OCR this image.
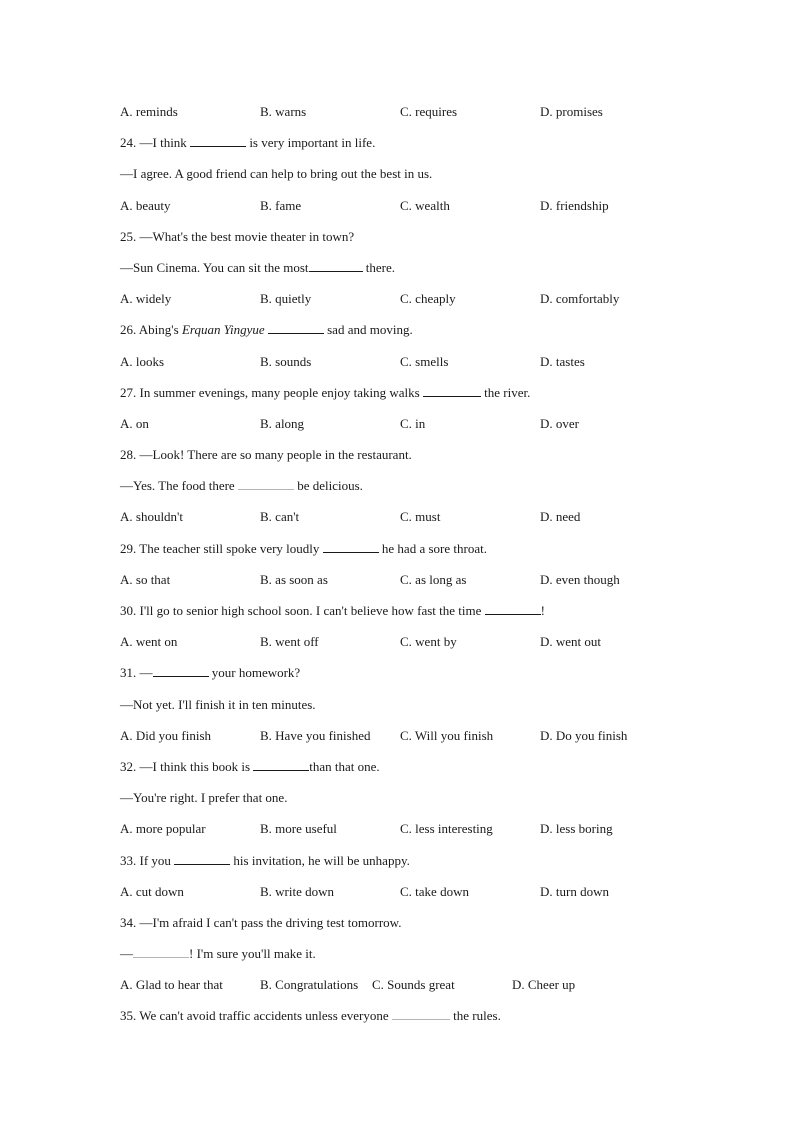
A. reminds	B. warns	C. requires	D. promises
24. —I think	is very important in life.
—I agree. A good friend can help to bring out the best in us.
A. beauty	B. fame	C. wealth	D. friendship
25. —What's the best movie theater in town?
—Sun Cinema. You can sit the most	there.
A. widely	B. quietly	C. cheaply	D. comfortably
26. Abing's Erquan Yingyue	sad and moving.
A. looks	B. sounds	C. smells	D. tastes
27. In summer evenings, many people enjoy taking walks	the river.
A. on	B. along	C. in	D. over
28. —Look! There are so many people in the restaurant.
—Yes. The food there	be delicious.
A. shouldn't	B. can't	C. must	D. need
29. The teacher still spoke very loudly	he had a sore throat.
A. so that	B. as soon as	C. as long as	D. even though
30. I'll go to senior high school soon. I can't believe how fast the time	!
A. went on	B. went off	C. went by	D. went out
31. —	your homework?
—Not yet. I'll finish it in ten minutes.
A. Did you finish	B. Have you finished C. Will you finish	D. Do you finish
32. —I think this book is	than that one.
—You're right. I prefer that one.
A. more popular	B. more useful	C. less interesting	D. less boring
33. If you	his invitation, he will be unhappy.
A. cut down	B. write down	C. take down	D. turn down
34. —I'm afraid I can't pass the driving test tomorrow.
—	! I'm sure you'll make it.
A. Glad to hear that	B. Congratulations C. Sounds great	D. Cheer up
35. We can't avoid traffic accidents unless everyone	the rules.
